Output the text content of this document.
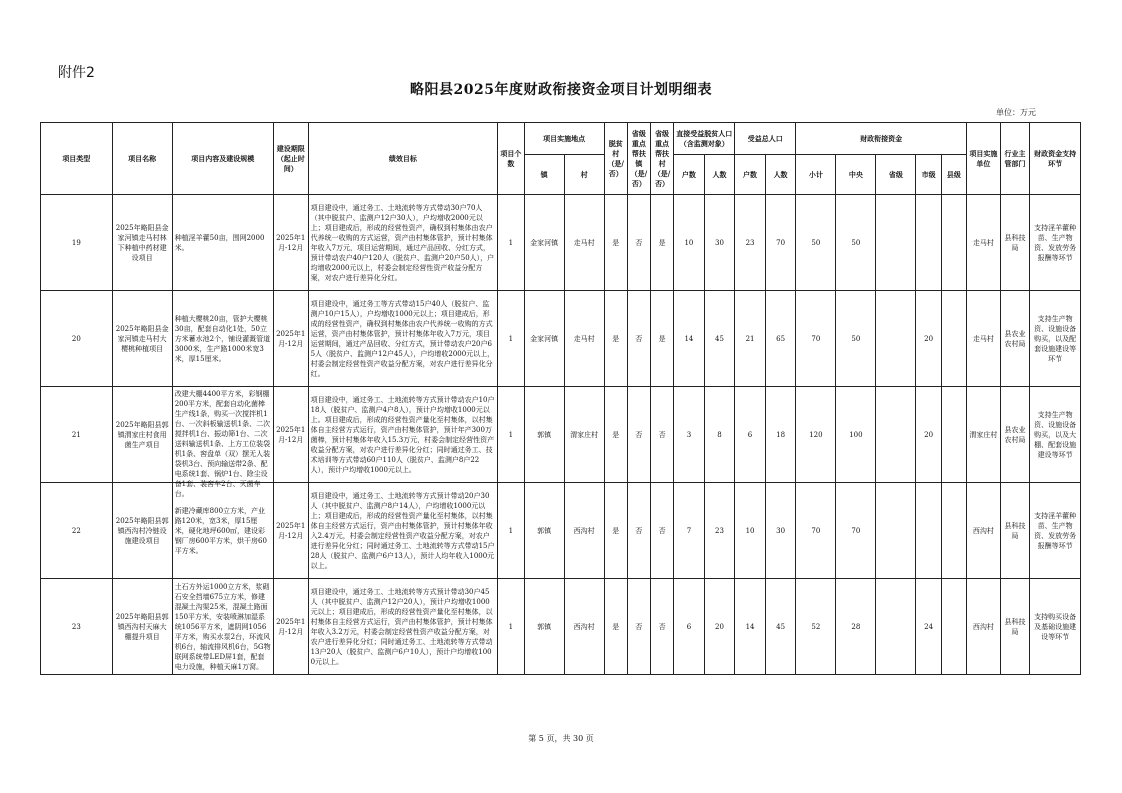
附件2
略阳县2025年度财政衔接资金项目计划明细表
单位：万元
项目类型	项目名称	项目内容及建设规模	建设期限（起止时间）	绩效目标	项目个数	项目实施地点		脱贫村（是/否）	省级重点帮扶镇（是/否）	省级重点帮扶村（是/否）	直接受益脱贫人口（含监测对象）		受益总人口		财政衔接资金					项目实施单位	行业主管部门	财政资金支持环节
						镇	村				户数	人数	户数	人数	小计	中央	省级	市级	县级			

19	2025年略阳县金家河镇走马村林下种植中药材建设项目	种植淫羊藿50亩，围网2000米。	2025年1月-12月	项目建设中，通过务工、土地流转等方式带动30户70人（其中脱贫户、监测户12户30人），户均增收2000元以上；项目建成后，形成的经营性资产，确权到村集体由农户代养统一收购的方式运营，资产由村集体管护，预计村集体年收入7万元，项目运营期间，通过产品回收、分红方式，预计带动农户40户120人（脱贫户、监测户20户50人），户均增收2000元以上，村委会制定经营性资产收益分配方案，对农户进行差异化分红。	1	金家河镇	走马村	是	否	是	10	30	23	70	50	50				走马村	县科技局	支持淫羊藿种苗、生产物资、发放劳务报酬等环节

20	2025年略阳县金家河镇走马村大樱桃种植项目	种植大樱桃20亩，管护大樱桃30亩，配套自动化1处，50立方米蓄水池2个，铺设灌溉管道3000米，生产路1000米宽3米，厚15厘米。	2025年1月-12月	项目建设中，通过务工等方式带动15户40人（脱贫户、监测户10户15人），户均增收1000元以上；项目建成后，形成的经营性资产，确权到村集体由农户代养统一收购的方式运营，资产由村集体管护，预计村集体年收入7万元，项目运营期间，通过产品回收、分红方式，预计带动农户20户65人（脱贫户、监测户12户45人），户均增收2000元以上，村委会制定经营性资产收益分配方案，对农户进行差异化分红。	1	金家河镇	走马村	是	否	是	14	45	21	65	70	50		20		走马村	县农业农村局	支持生产物资、设施设备购买，以及配套设施建设等环节

21	2025年略阳县郭镇渭家庄村食用菌生产项目	改建大棚4400平方米，彩钢棚200平方米，配套自动化菌棒生产线1条，购买一次搅拌机1台、一次斜板输送机1条、二次搅拌机1台、振动筛1台、二次送料输送机1条、上方工位装袋机1条、窖盘单（双）摆无人装袋机3台、预向输送带2条、配电系统1套、锅炉1台、除尘设备1套、装窖车2台、灭菌车台。	2025年1月-12月	项目建设中，通过务工、土地流转等方式预计带动农户10户18人（脱贫户、监测户4户8人），预计户均增收1000元以上。项目建成后，形成的经营性资产量化至村集体，以村集体自主经营方式运行，资产由村集体管护，预计年产300万菌棒，预计村集体年收入15.3万元，村委会制定经营性资产收益分配方案，对农户进行差异化分红；同时通过务工、技术培训等方式带动60户110人（脱贫户、监测户8户22人），预计户均增收1000元以上。	1	郭镇	渭家庄村	是	否	否	3	8	6	18	120	100		20		渭家庄村	县农业农村局	支持生产物资、设施设备购买，以及大棚、配套设施建设等环节

22	2025年略阳县郭镇西沟村冷链设施建设项目	新建冷藏库800立方米，产业路120米，宽3米，厚15厘米，硬化地坪600㎡，建设彩钢厂房600平方米，烘干房60平方米。	2025年1月-12月	项目建设中，通过务工、土地流转等方式预计带动20户30人（其中脱贫户、监测户8户14人），户均增收1000元以上；项目建成后，形成的经营性资产量化至村集体，以村集体自主经营方式运行，资产由村集体管护，预计村集体年收入2.4万元，村委会制定经营性资产收益分配方案，对农户进行差异化分红；同时通过务工、土地流转等方式带动15户28人（脱贫户、监测户6户13人），预计人均年收入1000元以上。	1	郭镇	西沟村	是	否	否	7	23	10	30	70	70				西沟村	县科技局	支持淫羊藿种苗、生产物资、发放劳务报酬等环节

23	2025年略阳县郭镇西沟村天麻大棚提升项目	土石方外运1000立方米，浆砌石安全挡墙675立方米，修建混凝土沟渠25米，混凝土路面150平方米，安装喷淋加湿系统1056平方米，遮阴网1056平方米，购买水泵2台，环流风机6台，轴流排风机6台，5G物联网系统带LED屏1套，配套电力设施，种植天麻1万窝。	2025年1月-12月	项目建设中，通过务工、土地流转等方式预计带动30户45人（其中脱贫户、监测户12户20人），预计户均增收1000元以上；项目建成后，形成的经营性资产量化至村集体，以村集体自主经营方式运行，资产由村集体管护，预计村集体年收入3.2万元，村委会制定经营性资产收益分配方案，对农户进行差异化分红；同时通过务工、土地流转等方式带动13户20人（脱贫户、监测户6户10人），预计户均增收1000元以上。	1	郭镇	西沟村	是	否	否	6	20	14	45	52	28		24		西沟村	县科技局	支持购买设备及基础设施建设等环节
第 5 页，共 30 页
